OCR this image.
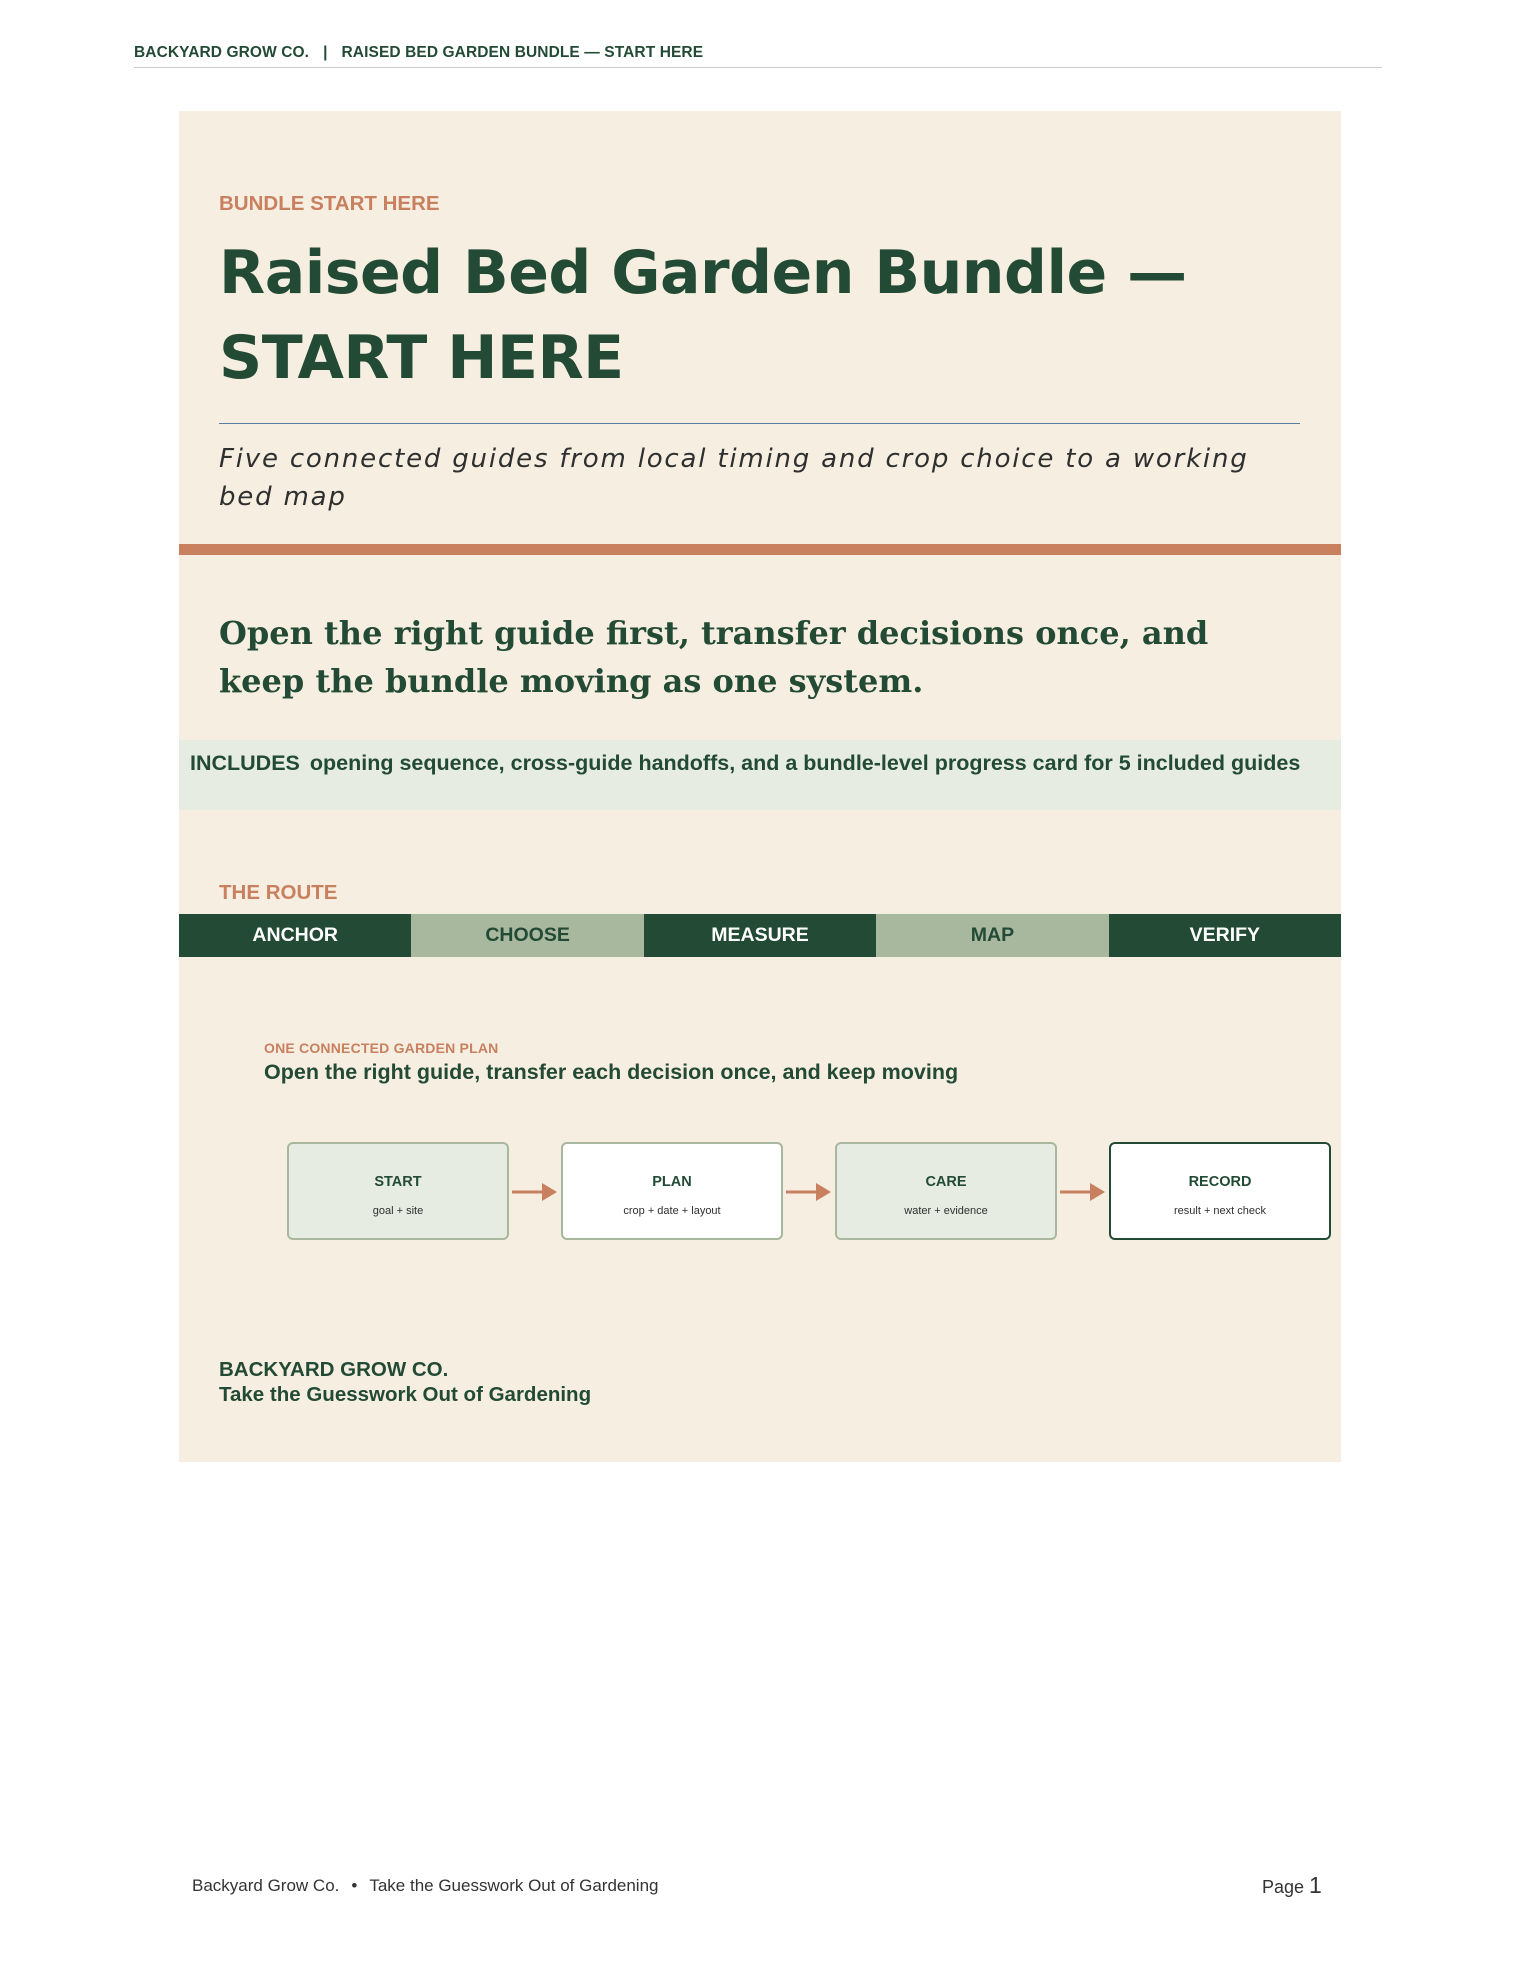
BACKYARD GROW CO. | RAISED BED GARDEN BUNDLE — START HERE
BUNDLE START HERE
Raised Bed Garden Bundle — START HERE
Five connected guides from local timing and crop choice to a working bed map
Open the right guide first, transfer decisions once, and keep the bundle moving as one system.
INCLUDES opening sequence, cross-guide handoffs, and a bundle-level progress card for 5 included guides
THE ROUTE
ANCHOR	CHOOSE	MEASURE	MAP	VERIFY
ONE CONNECTED GARDEN PLAN
Open the right guide, transfer each decision once, and keep moving
START
goal + site
PLAN
crop + date + layout
CARE
water + evidence
RECORD
result + next check
BACKYARD GROW CO.
Take the Guesswork Out of Gardening
Backyard Grow Co. • Take the Guesswork Out of Gardening	Page 1
